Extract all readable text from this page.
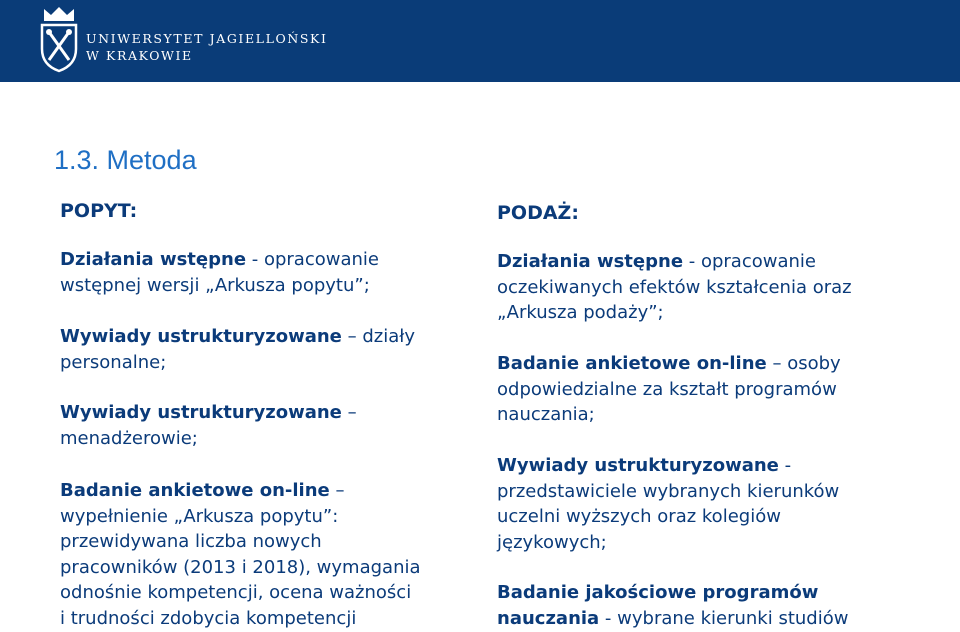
UNIWERSYTET JAGIELLOŃSKI
W KRAKOWIE
1.3. Metoda
POPYT:

Działania wstępne - opracowanie
wstępnej wersji „Arkusza popytu”;

Wywiady ustrukturyzowane – działy
personalne;

Wywiady ustrukturyzowane –
menadżerowie;

Badanie ankietowe on-line –
wypełnienie „Arkusza popytu”:
przewidywana liczba nowych
pracowników (2013 i 2018), wymagania
odnośnie kompetencji, ocena ważności
i trudności zdobycia kompetencji

PODAŻ:

Działania wstępne - opracowanie
oczekiwanych efektów kształcenia oraz
„Arkusza podaży”;

Badanie ankietowe on-line – osoby
odpowiedzialne za kształt programów
nauczania;

Wywiady ustrukturyzowane -
przedstawiciele wybranych kierunków
uczelni wyższych oraz kolegiów
językowych;

Badanie jakościowe programów
nauczania - wybrane kierunki studiów
